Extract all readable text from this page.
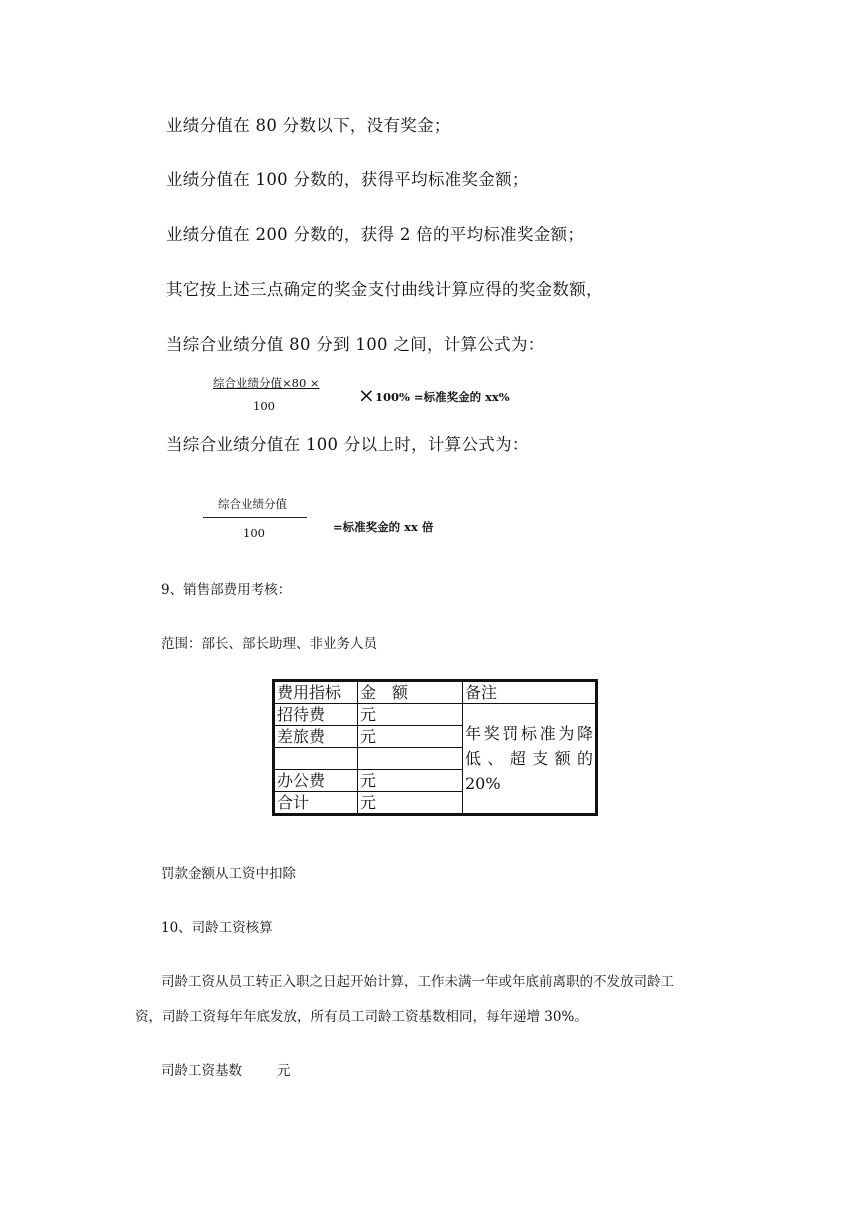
业绩分值在 80 分数以下，没有奖金；
业绩分值在 100 分数的，获得平均标准奖金额；
业绩分值在 200 分数的，获得 2 倍的平均标准奖金额；
其它按上述三点确定的奖金支付曲线计算应得的奖金数额，
当综合业绩分值 80 分到 100 之间，计算公式为：
综合业绩分值×80 ×
100	× 100% =标准奖金的 xx%
当综合业绩分值在 100 分以上时，计算公式为：
综合业绩分值
100	=标准奖金的 xx 倍
9、销售部费用考核：
范围：部长、部长助理、非业务人员
费用指标	金　额	备注
招待费	元	年奖罚标准为降低、超支额的 20%
差旅费	元	

办公费	元	
合计	元	
罚款金额从工资中扣除
10、司龄工资核算
司龄工资从员工转正入职之日起开始计算，工作未满一年或年底前离职的不发放司龄工
资，司龄工资每年年底发放，所有员工司龄工资基数相同，每年递增 30%。
司龄工资基数	元
